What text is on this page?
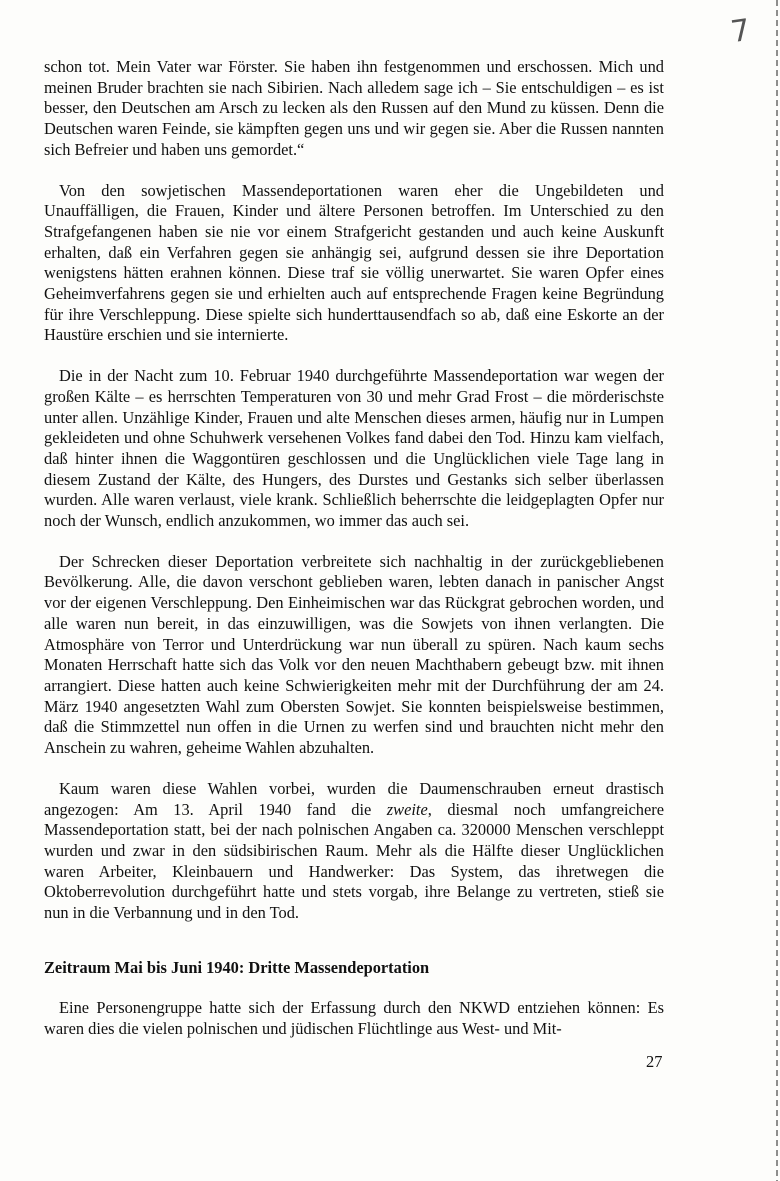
7

schon tot. Mein Vater war Förster. Sie haben ihn festgenommen und erschossen. Mich und meinen Bruder brachten sie nach Sibirien. Nach alledem sage ich – Sie entschuldigen – es ist besser, den Deutschen am Arsch zu lecken als den Russen auf den Mund zu küssen. Denn die Deutschen waren Feinde, sie kämpften gegen uns und wir gegen sie. Aber die Russen nannten sich Befreier und haben uns gemordet.“

Von den sowjetischen Massendeportationen waren eher die Ungebildeten und Unauffälligen, die Frauen, Kinder und ältere Personen betroffen. Im Unterschied zu den Strafgefangenen haben sie nie vor einem Strafgericht gestanden und auch keine Auskunft erhalten, daß ein Verfahren gegen sie anhängig sei, aufgrund dessen sie ihre Deportation wenigstens hätten erahnen können. Diese traf sie völlig unerwartet. Sie waren Opfer eines Geheimverfahrens gegen sie und erhielten auch auf entsprechende Fragen keine Begründung für ihre Verschleppung. Diese spielte sich hunderttausendfach so ab, daß eine Eskorte an der Haustüre erschien und sie internierte.

Die in der Nacht zum 10. Februar 1940 durchgeführte Massendeportation war wegen der großen Kälte – es herrschten Temperaturen von 30 und mehr Grad Frost – die mörderischste unter allen. Unzählige Kinder, Frauen und alte Menschen dieses armen, häufig nur in Lumpen gekleideten und ohne Schuhwerk versehenen Volkes fand dabei den Tod. Hinzu kam vielfach, daß hinter ihnen die Waggontüren geschlossen und die Unglücklichen viele Tage lang in diesem Zustand der Kälte, des Hungers, des Durstes und Gestanks sich selber überlassen wurden. Alle waren verlaust, viele krank. Schließlich beherrschte die leidgeplagten Opfer nur noch der Wunsch, endlich anzukommen, wo immer das auch sei.

Der Schrecken dieser Deportation verbreitete sich nachhaltig in der zurückgebliebenen Bevölkerung. Alle, die davon verschont geblieben waren, lebten danach in panischer Angst vor der eigenen Verschleppung. Den Einheimischen war das Rückgrat gebrochen worden, und alle waren nun bereit, in das einzuwilligen, was die Sowjets von ihnen verlangten. Die Atmosphäre von Terror und Unterdrückung war nun überall zu spüren. Nach kaum sechs Monaten Herrschaft hatte sich das Volk vor den neuen Machthabern gebeugt bzw. mit ihnen arrangiert. Diese hatten auch keine Schwierigkeiten mehr mit der Durchführung der am 24. März 1940 angesetzten Wahl zum Obersten Sowjet. Sie konnten beispielsweise bestimmen, daß die Stimmzettel nun offen in die Urnen zu werfen sind und brauchten nicht mehr den Anschein zu wahren, geheime Wahlen abzuhalten.

Kaum waren diese Wahlen vorbei, wurden die Daumenschrauben erneut drastisch angezogen: Am 13. April 1940 fand die zweite, diesmal noch umfangreichere Massendeportation statt, bei der nach polnischen Angaben ca. 320000 Menschen verschleppt wurden und zwar in den südsibirischen Raum. Mehr als die Hälfte dieser Unglücklichen waren Arbeiter, Kleinbauern und Handwerker: Das System, das ihretwegen die Oktoberrevolution durchgeführt hatte und stets vorgab, ihre Belange zu vertreten, stieß sie nun in die Verbannung und in den Tod.

Zeitraum Mai bis Juni 1940: Dritte Massendeportation

Eine Personengruppe hatte sich der Erfassung durch den NKWD entziehen können: Es waren dies die vielen polnischen und jüdischen Flüchtlinge aus West- und Mit-

27
